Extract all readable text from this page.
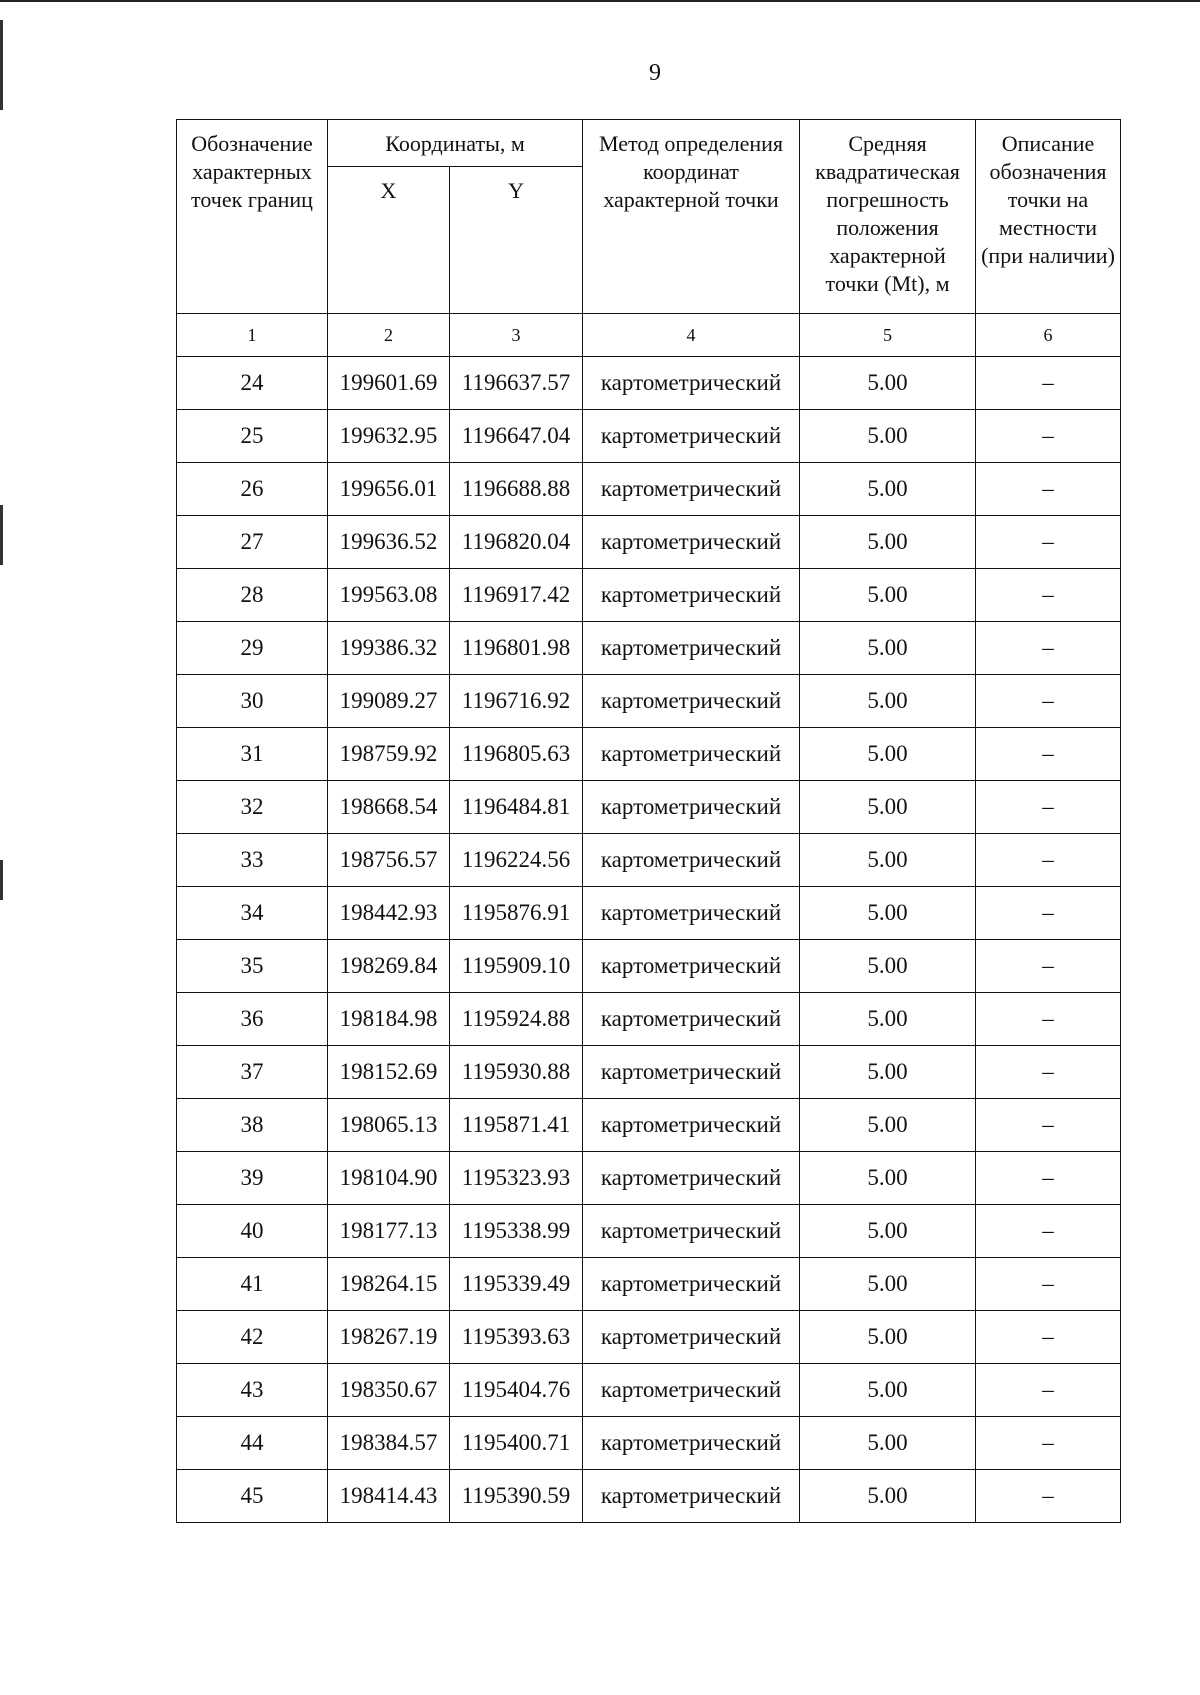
9
Обозначение характерных точек границ	Координаты, м		Метод определения координат характерной точки	Средняя квадратическая погрешность положения характерной точки (Mt), м	Описание обозначения точки на местности (при наличии)
	X	Y			
1	2	3	4	5	6
24	199601.69	1196637.57	картометрический	5.00	–
25	199632.95	1196647.04	картометрический	5.00	–
26	199656.01	1196688.88	картометрический	5.00	–
27	199636.52	1196820.04	картометрический	5.00	–
28	199563.08	1196917.42	картометрический	5.00	–
29	199386.32	1196801.98	картометрический	5.00	–
30	199089.27	1196716.92	картометрический	5.00	–
31	198759.92	1196805.63	картометрический	5.00	–
32	198668.54	1196484.81	картометрический	5.00	–
33	198756.57	1196224.56	картометрический	5.00	–
34	198442.93	1195876.91	картометрический	5.00	–
35	198269.84	1195909.10	картометрический	5.00	–
36	198184.98	1195924.88	картометрический	5.00	–
37	198152.69	1195930.88	картометрический	5.00	–
38	198065.13	1195871.41	картометрический	5.00	–
39	198104.90	1195323.93	картометрический	5.00	–
40	198177.13	1195338.99	картометрический	5.00	–
41	198264.15	1195339.49	картометрический	5.00	–
42	198267.19	1195393.63	картометрический	5.00	–
43	198350.67	1195404.76	картометрический	5.00	–
44	198384.57	1195400.71	картометрический	5.00	–
45	198414.43	1195390.59	картометрический	5.00	–
